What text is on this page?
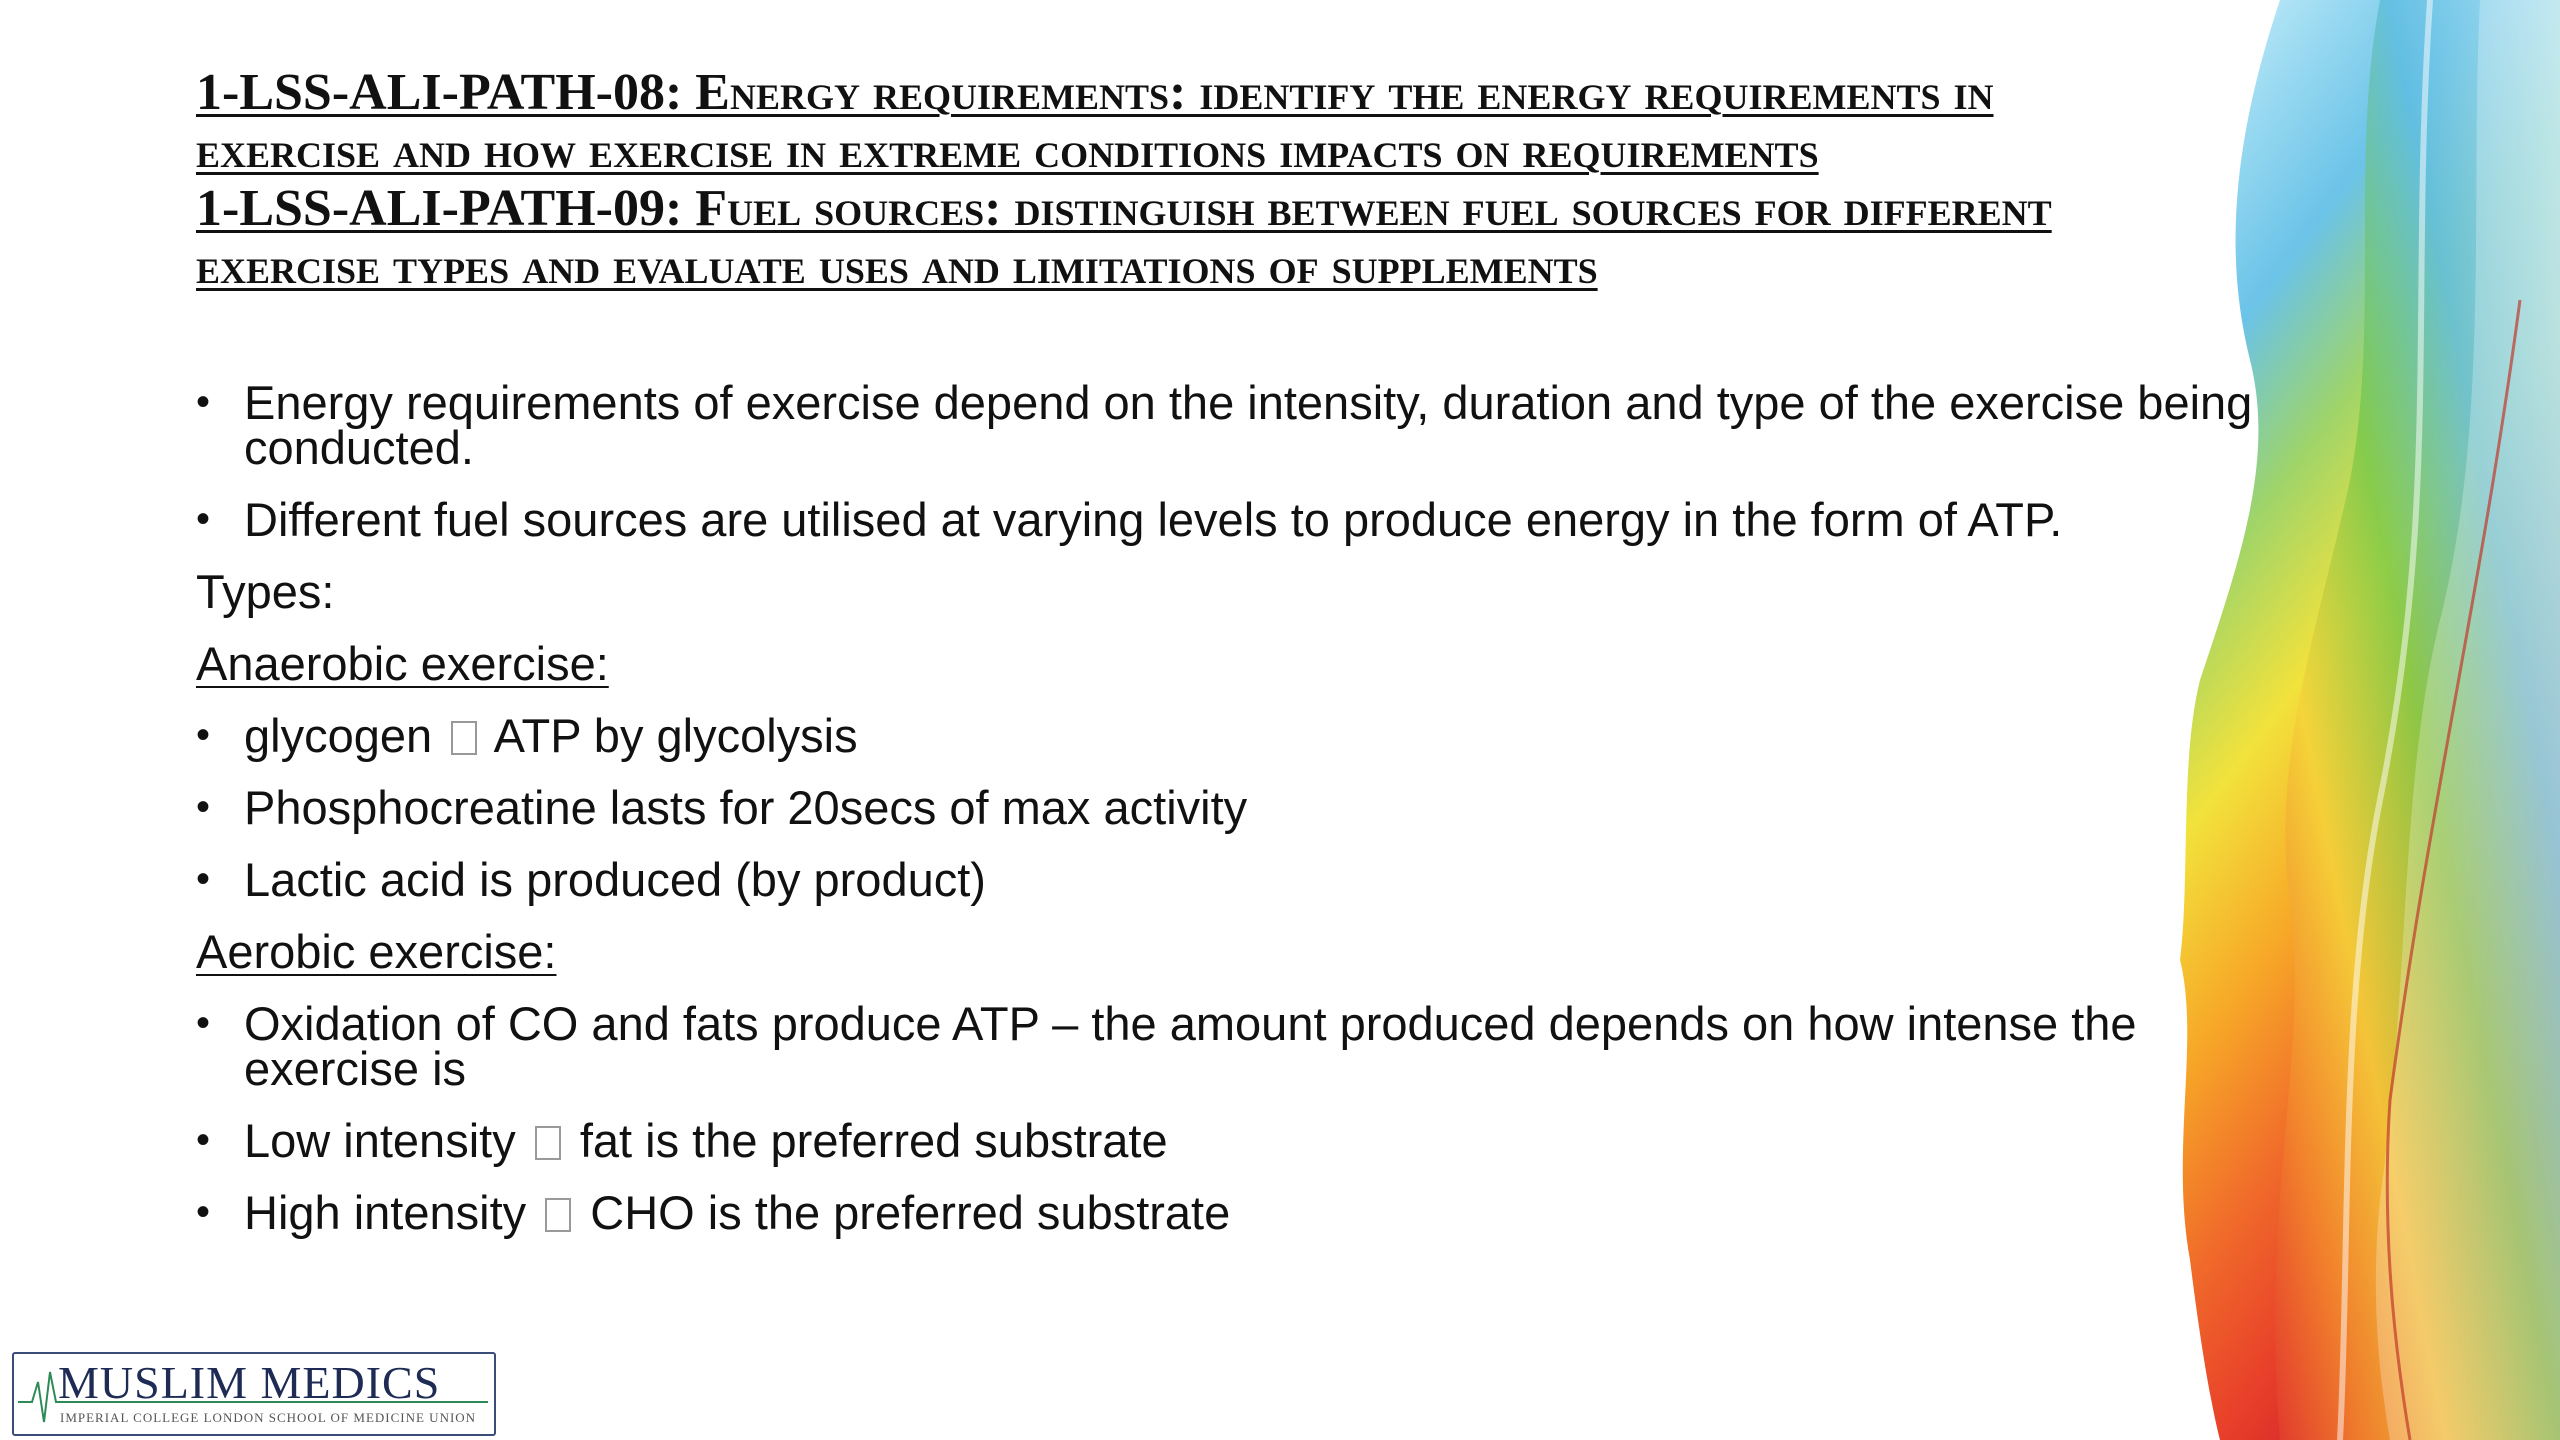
1-LSS-ALI-PATH-08: Energy requirements: identify the energy requirements in
exercise and how exercise in extreme conditions impacts on requirements
1-LSS-ALI-PATH-09: Fuel sources: distinguish between fuel sources for different
exercise types and evaluate uses and limitations of supplements
• Energy requirements of exercise depend on the intensity, duration and type of the exercise being conducted.
• Different fuel sources are utilised at varying levels to produce energy in the form of ATP.
Types:
Anaerobic exercise:
• glycogen ATP by glycolysis
• Phosphocreatine lasts for 20secs of max activity
• Lactic acid is produced (by product)
Aerobic exercise:
• Oxidation of CO and fats produce ATP – the amount produced depends on how intense the exercise is
• Low intensity fat is the preferred substrate
• High intensity CHO is the preferred substrate
MUSLIM MEDICS
IMPERIAL COLLEGE LONDON SCHOOL OF MEDICINE UNION
